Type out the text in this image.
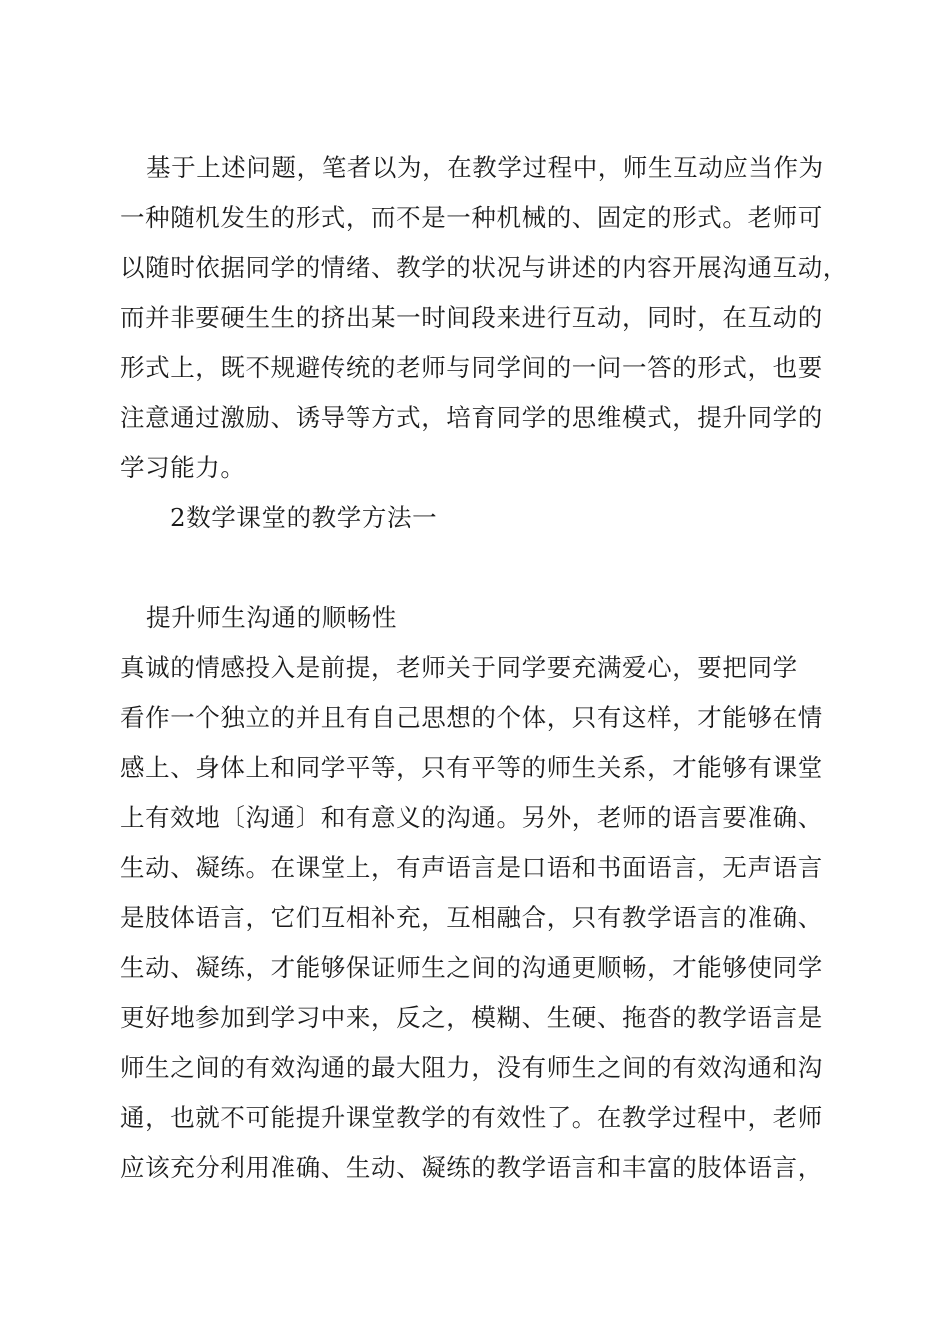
基于上述问题，笔者以为，在教学过程中，师生互动应当作为
一种随机发生的形式，而不是一种机械的、固定的形式。老师可
以随时依据同学的情绪、教学的状况与讲述的内容开展沟通互动，
而并非要硬生生的挤出某一时间段来进行互动，同时，在互动的
形式上，既不规避传统的老师与同学间的一问一答的形式，也要
注意通过激励、诱导等方式，培育同学的思维模式，提升同学的
学习能力。
2数学课堂的教学方法一
提升师生沟通的顺畅性
真诚的情感投入是前提，老师关于同学要充满爱心，要把同学
看作一个独立的并且有自己思想的个体，只有这样，才能够在情
感上、身体上和同学平等，只有平等的师生关系，才能够有课堂
上有效地〔沟通〕和有意义的沟通。另外，老师的语言要准确、
生动、凝练。在课堂上，有声语言是口语和书面语言，无声语言
是肢体语言，它们互相补充，互相融合，只有教学语言的准确、
生动、凝练，才能够保证师生之间的沟通更顺畅，才能够使同学
更好地参加到学习中来，反之，模糊、生硬、拖沓的教学语言是
师生之间的有效沟通的最大阻力，没有师生之间的有效沟通和沟
通，也就不可能提升课堂教学的有效性了。在教学过程中，老师
应该充分利用准确、生动、凝练的教学语言和丰富的肢体语言，
